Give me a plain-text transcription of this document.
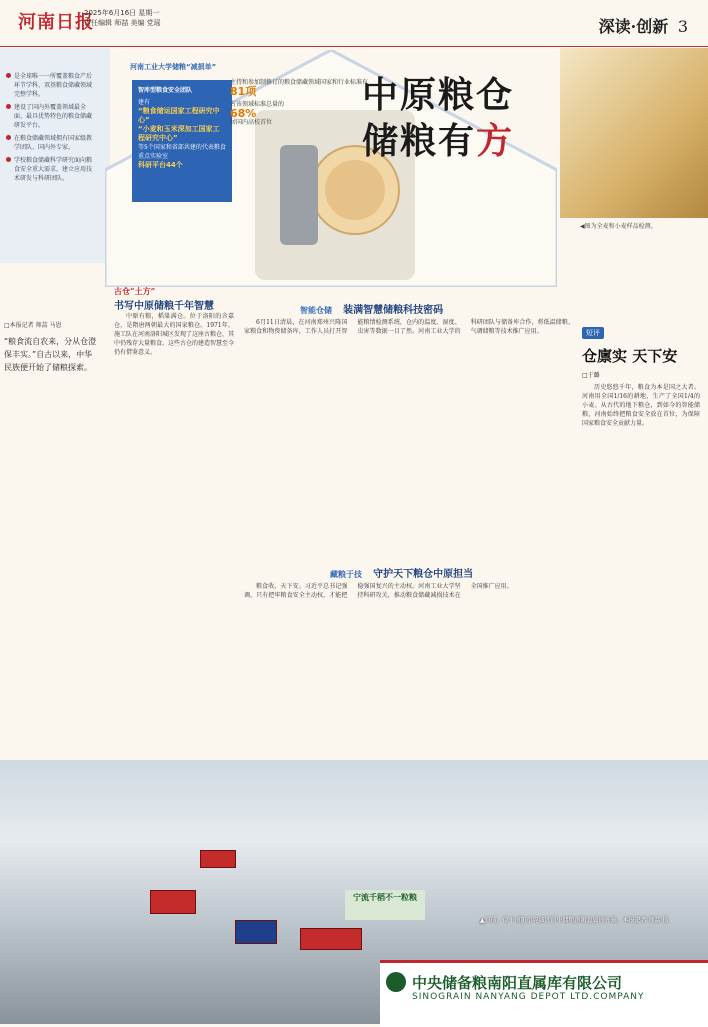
河南日报
2025年6月16日 星期一
责任编辑 师喆 美编 党瑶	深读·创新 3

是全球唯一一所覆盖粮食产后环节学科、双基粮食储藏领域完整学科。

建设了国内外覆盖领域最全面、最具优势特色的粮食储藏研发平台。

在粮食储藏领域拥有国家级教学团队、国内外专家。

学校粮食储藏科学研究面向粮食安全重大需求，建立应用技术研发与科研团队。

河南工业大学储粮“减损单”
智库型粮食安全团队
建有
“粮食储运国家工程研究中心”
“小麦和玉米深加工国家工程研究中心”
等5个国家和省部共建的代表粮食重点实验室
科研平台44个
主持和参加制修订的粮食储藏领域国家和行业标准有
81项
占该领域标准总量的
68%
居国内高校首位
中原粮仓
储粮有方
◀图为全麦和小麦样品检测。
古仓“土方”
书写中原储粮千年智慧
□本报记者 师喆 马恩
“粮食流自农来，分从仓澄保丰实。”自古以来，中华民族便开始了储粮探索。

中原有粮，稻粱满仓。位于洛阳的含嘉仓，是隋唐两朝最大的国家粮仓。1971年，施工队在河南洛阳城区发现了这座古粮仓，其中仍残存大量粮食。这些古仓的建造智慧至今仍有借鉴意义。

智能仓储 装满智慧储粮科技密码

6月11日清晨，在河南郑州兴隆国家粮食和物资储备库，工作人员打开智能粮情检测系统，仓内的温度、湿度、虫害等数据一目了然。河南工业大学的科研团队与储备库合作，将低温储粮、气调储粮等技术推广应用。

藏粮于技 守护天下粮仓中原担当

粮食收，天下安。习近平总书记强调，只有把牢粮食安全主动权，才能把稳强国复兴的主动权。河南工业大学坚持科研攻关，推动粮食储藏减损技术在全国推广应用。

短评
仓廪实 天下安
□于璐

历史悠悠千年，粮食为本是国之大者。河南用全国1/16的耕地，生产了全国1/4的小麦。从古代的地下粮仓，到如今的智能储粮，河南始终把粮食安全放在首位，为保障国家粮食安全贡献力量。

宁流千稻不一粒粮
▲日前，位于南阳市宛城区的中储粮南阳直属库外景。本报记者 师喆 摄
中央储备粮南阳直属库有限公司
SINOGRAIN NANYANG DEPOT LTD.COMPANY
